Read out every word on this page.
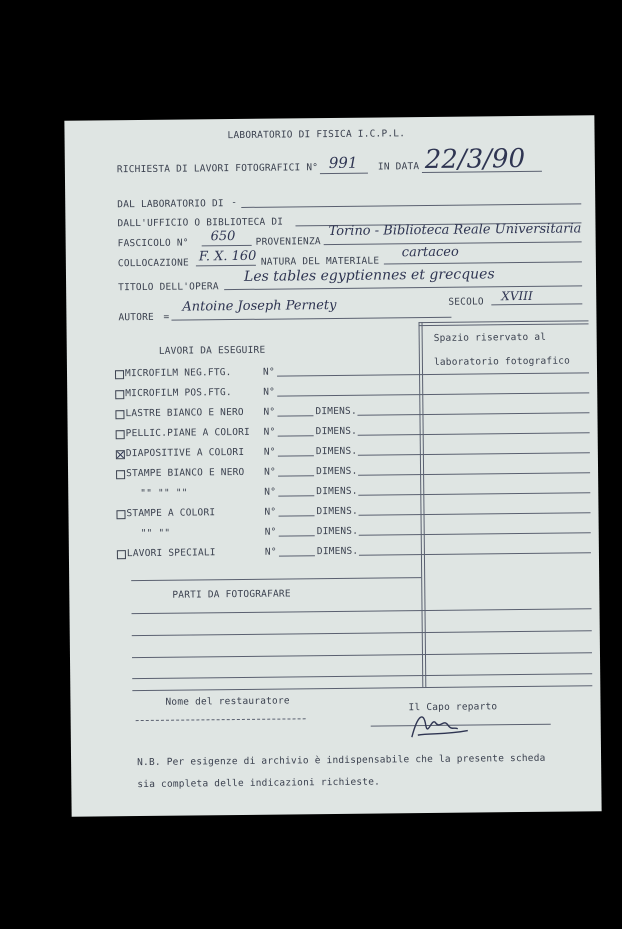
LABORATORIO DI FISICA I.C.P.L.
RICHIESTA DI LAVORI FOTOGRAFICI N° 991 IN DATA 22/3/90
DAL LABORATORIO DI -
DALL'UFFICIO O BIBLIOTECA DI
FASCICOLO N° 650 PROVENIENZA
Torino - Biblioteca Reale Universitaria
COLLOCAZIONE F. X. 160 NATURA DEL MATERIALE
cartaceo
TITOLO DELL'OPERA
Les tables egyptiennes et grecques
SECOLO XVIII
AUTORE =
Antoine Joseph Pernety
Spazio riservato al
laboratorio fotografico
LAVORI DA ESEGUIRE
MICROFILM NEG.FTG.	N°
MICROFILM POS.FTG.	N°
LASTRE BIANCO E NERO N°	DIMENS.
PELLIC.PIANE A COLORI N°	DIMENS.
DIAPOSITIVE A COLORI N°	DIMENS.
STAMPE BIANCO E NERO N°	DIMENS.
"" "" ""	N°	DIMENS.
STAMPE A COLORI	N°	DIMENS.
"" ""	N°	DIMENS.
LAVORI SPECIALI	N°	DIMENS.
PARTI DA FOTOGRAFARE
Nome del restauratore	Il Capo reparto
N.B. Per esigenze di archivio è indispensabile che la presente scheda
sia completa delle indicazioni richieste.
